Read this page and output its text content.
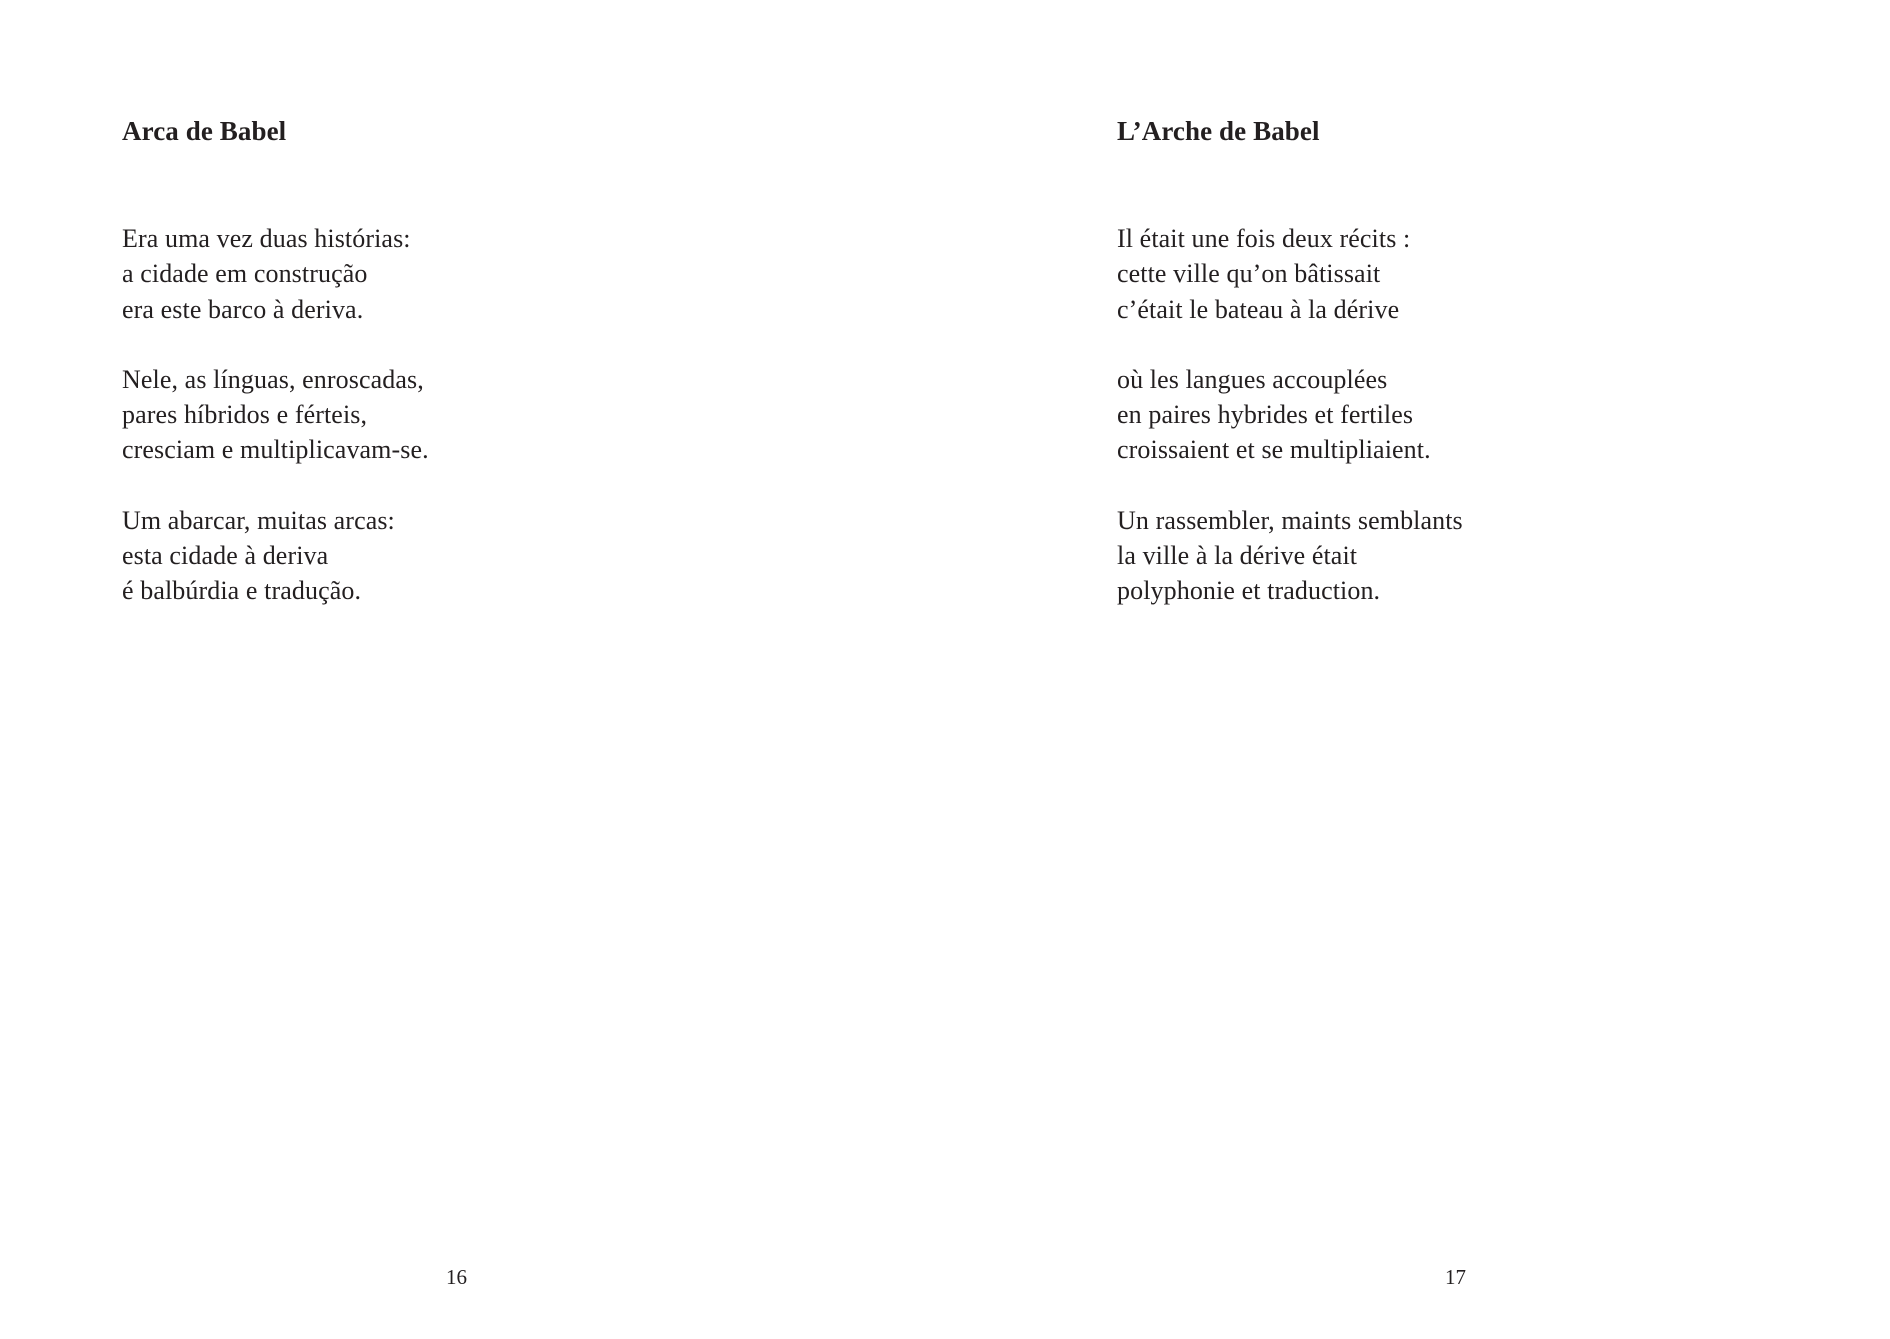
Arca de Babel

Era uma vez duas histórias:
a cidade em construção
era este barco à deriva.

Nele, as línguas, enroscadas,
pares híbridos e férteis,
cresciam e multiplicavam-se.

Um abarcar, muitas arcas:
esta cidade à deriva
é balbúrdia e tradução.

16
L’Arche de Babel

Il était une fois deux récits :
cette ville qu’on bâtissait
c’était le bateau à la dérive

où les langues accouplées
en paires hybrides et fertiles
croissaient et se multipliaient.

Un rassembler, maints semblants
la ville à la dérive était
polyphonie et traduction.

17
